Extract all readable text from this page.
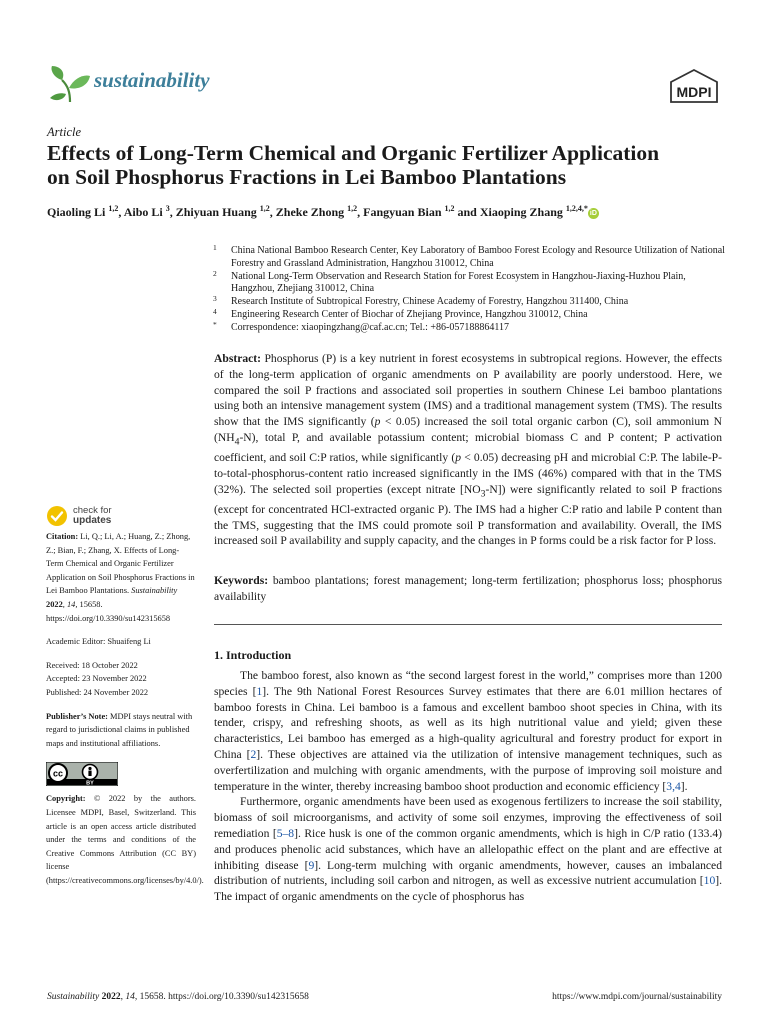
sustainability	MDPI
Article
Effects of Long-Term Chemical and Organic Fertilizer Application
on Soil Phosphorus Fractions in Lei Bamboo Plantations
Qiaoling Li $^{1,2}$, Aibo Li $^3$, Zhiyuan Huang $^{1,2}$, Zheke Zhong $^{1,2}$, Fangyuan Bian $^{1,2}$ and Xiaoping Zhang $^{1,2,4,*}$iD
1 China National Bamboo Research Center, Key Laboratory of Bamboo Forest Ecology and Resource Utilization of National Forestry and Grassland Administration, Hangzhou 310012, China
2 National Long-Term Observation and Research Station for Forest Ecosystem in Hangzhou-Jiaxing-Huzhou Plain, Hangzhou, Zhejiang 310012, China
3 Research Institute of Subtropical Forestry, Chinese Academy of Forestry, Hangzhou 311400, China
4 Engineering Research Center of Biochar of Zhejiang Province, Hangzhou 310012, China
* Correspondence: xiaopingzhang@caf.ac.cn; Tel.: +86-057188864117

Abstract: Phosphorus (P) is a key nutrient in forest ecosystems in subtropical regions. However, the effects of the long-term application of organic amendments on P availability are poorly understood. Here, we compared the soil P fractions and associated soil properties in southern Chinese Lei bamboo plantations using both an intensive management system (IMS) and a traditional management system (TMS). The results show that the IMS significantly (p < 0.05) increased the soil total organic carbon (C), soil ammonium N $(NH_4-N)$, total P, and available potassium content; microbial biomass C and P content; P activation coefficient, and soil C:P ratios, while significantly (p < 0.05) decreasing pH and microbial C:P. The labile-P-to-total-phosphorus-content ratio increased significantly in the IMS (46%) compared with that in the TMS (32%). The selected soil properties (except nitrate $[NO_3-N]$) were significantly related to soil P fractions (except for concentrated HCl-extracted organic P). The IMS had a higher C:P ratio and labile P content than the TMS, suggesting that the IMS could promote soil P transformation and availability. Overall, the IMS increased soil P availability and supply capacity, and the changes in P forms could be a risk factor for P loss.

Keywords: bamboo plantations; forest management; long-term fertilization; phosphorus loss; phosphorus availability

check for
updates

Citation: Li, Q.; Li, A.; Huang, Z.; Zhong, Z.; Bian, F.; Zhang, X. Effects of Long-Term Chemical and Organic Fertilizer Application on Soil Phosphorus Fractions in Lei Bamboo Plantations. Sustainability 2022, 14, 15658. https://doi.org/10.3390/su142315658

Academic Editor: Shuaifeng Li

Received: 18 October 2022

Accepted: 23 November 2022

Published: 24 November 2022

Publisher’s Note: MDPI stays neutral with regard to jurisdictional claims in published maps and institutional affiliations.

cc
BY

Copyright: © 2022 by the authors. Licensee MDPI, Basel, Switzerland. This article is an open access article distributed under the terms and conditions of the Creative Commons Attribution (CC BY) license (https://creativecommons.org/licenses/by/4.0/).

1. Introduction

The bamboo forest, also known as “the second largest forest in the world,” comprises more than 1200 species [1]. The 9th National Forest Resources Survey estimates that there are 6.01 million hectares of bamboo forests in China. Lei bamboo is a famous and excellent bamboo shoot species in China, with its tender, crispy, and refreshing shoots, as well as its high nutritional value and yield; given these characteristics, Lei bamboo has emerged as a high-quality agricultural and forestry product for export in China [2]. These objectives are attained via the utilization of intensive management techniques, such as overfertilization and mulching with organic amendments, with the purpose of improving soil moisture and temperature in the winter, thereby increasing bamboo shoot production and economic efficiency [3,4].

Furthermore, organic amendments have been used as exogenous fertilizers to increase the soil stability, biomass of soil microorganisms, and activity of some soil enzymes, improving the effectiveness of soil remediation [5–8]. Rice husk is one of the common organic amendments, which is high in C/P ratio (133.4) and produces phenolic acid substances, which have an allelopathic effect on the plant and are effective at inhibiting disease [9]. Long-term mulching with organic amendments, however, causes an imbalanced distribution of nutrients, including soil carbon and nitrogen, as well as excessive nutrient accumulation [10]. The impact of organic amendments on the cycle of phosphorus has

Sustainability 2022, 14, 15658. https://doi.org/10.3390/su142315658	https://www.mdpi.com/journal/sustainability
